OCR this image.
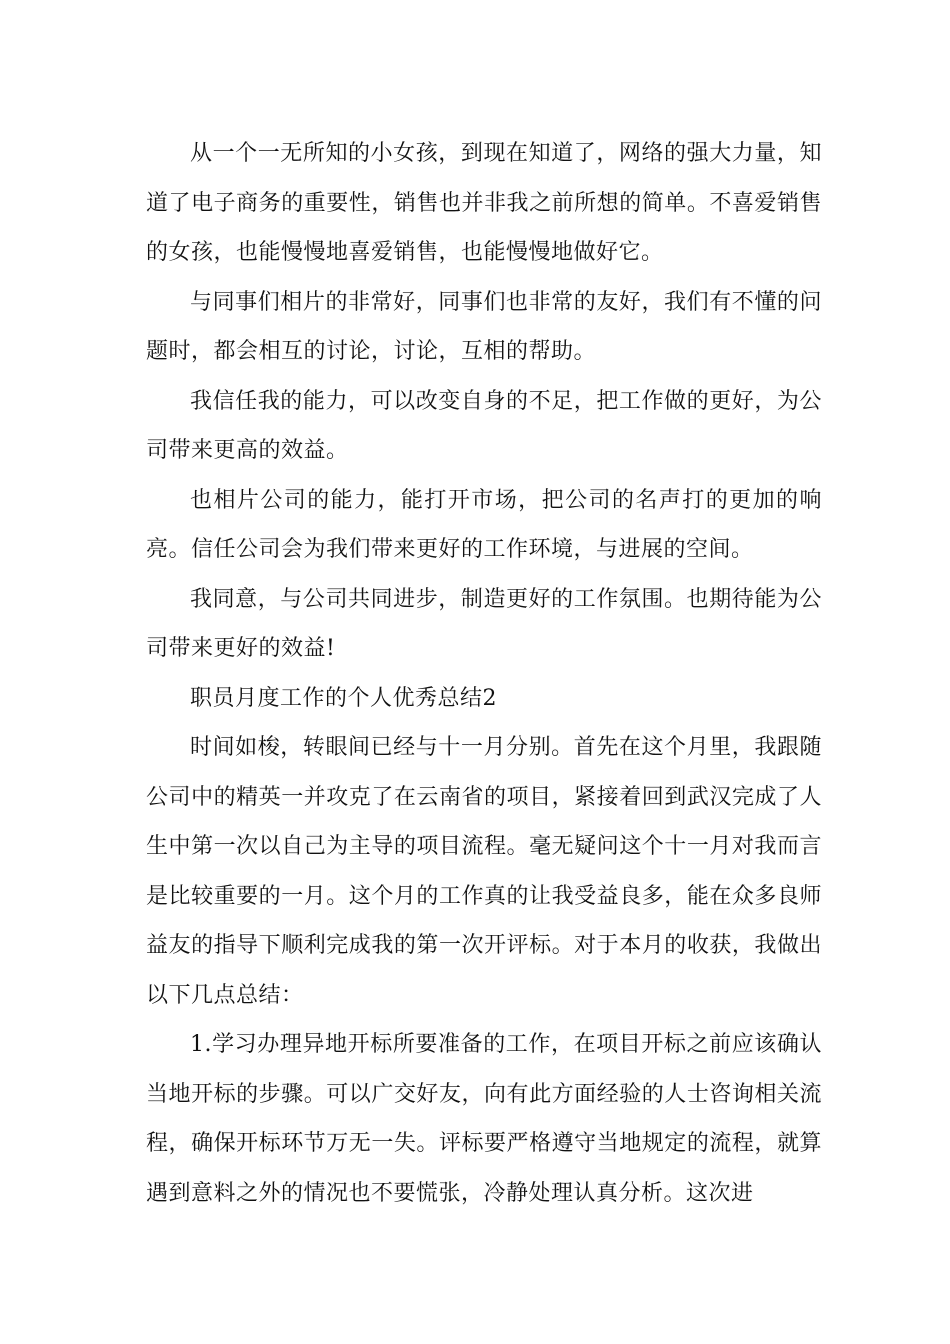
从一个一无所知的小女孩，到现在知道了，网络的强大力量，知道了电子商务的重要性，销售也并非我之前所想的简单。不喜爱销售的女孩，也能慢慢地喜爱销售，也能慢慢地做好它。

与同事们相片的非常好，同事们也非常的友好，我们有不懂的问题时，都会相互的讨论，讨论，互相的帮助。

我信任我的能力，可以改变自身的不足，把工作做的更好，为公司带来更高的效益。

也相片公司的能力，能打开市场，把公司的名声打的更加的响亮。信任公司会为我们带来更好的工作环境，与进展的空间。

我同意，与公司共同进步，制造更好的工作氛围。也期待能为公司带来更好的效益!

职员月度工作的个人优秀总结2

时间如梭，转眼间已经与十一月分别。首先在这个月里，我跟随公司中的精英一并攻克了在云南省的项目，紧接着回到武汉完成了人生中第一次以自己为主导的项目流程。毫无疑问这个十一月对我而言是比较重要的一月。这个月的工作真的让我受益良多，能在众多良师益友的指导下顺利完成我的第一次开评标。对于本月的收获，我做出以下几点总结：

1.学习办理异地开标所要准备的工作，在项目开标之前应该确认当地开标的步骤。可以广交好友，向有此方面经验的人士咨询相关流程，确保开标环节万无一失。评标要严格遵守当地规定的流程，就算遇到意料之外的情况也不要慌张，冷静处理认真分析。这次进
